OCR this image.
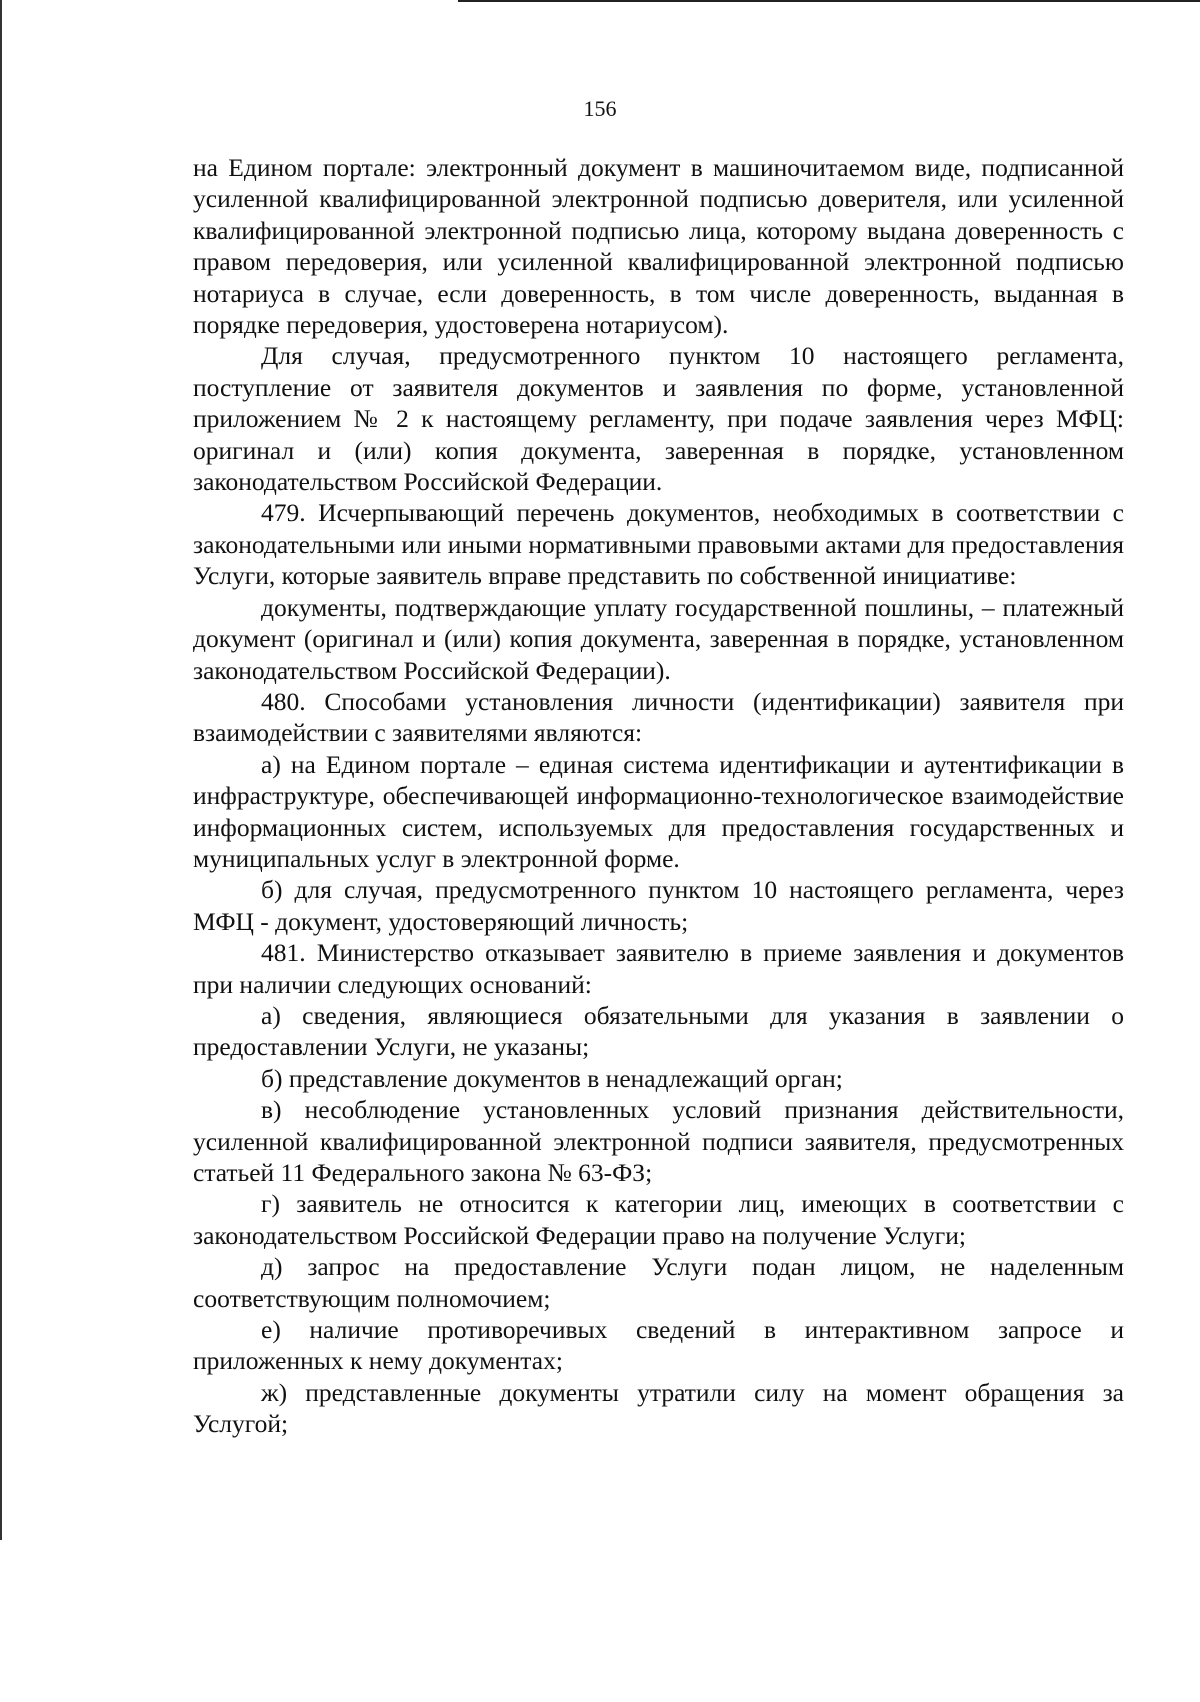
156

на Едином портале: электронный документ в машиночитаемом виде, подписанной усиленной квалифицированной электронной подписью доверителя, или усиленной квалифицированной электронной подписью лица, которому выдана доверенность с правом передоверия, или усиленной квалифицированной электронной подписью нотариуса в случае, если доверенность, в том числе доверенность, выданная в порядке передоверия, удостоверена нотариусом).

Для случая, предусмотренного пунктом 10 настоящего регламента, поступление от заявителя документов и заявления по форме, установленной приложением № 2 к настоящему регламенту, при подаче заявления через МФЦ: оригинал и (или) копия документа, заверенная в порядке, установленном законодательством Российской Федерации.

479. Исчерпывающий перечень документов, необходимых в соответствии с законодательными или иными нормативными правовыми актами для предоставления Услуги, которые заявитель вправе представить по собственной инициативе:

документы, подтверждающие уплату государственной пошлины, – платежный документ (оригинал и (или) копия документа, заверенная в порядке, установленном законодательством Российской Федерации).

480. Способами установления личности (идентификации) заявителя при взаимодействии с заявителями являются:

а) на Едином портале – единая система идентификации и аутентификации в инфраструктуре, обеспечивающей информационно-технологическое взаимодействие информационных систем, используемых для предоставления государственных и муниципальных услуг в электронной форме.

б) для случая, предусмотренного пунктом 10 настоящего регламента, через МФЦ - документ, удостоверяющий личность;

481. Министерство отказывает заявителю в приеме заявления и документов при наличии следующих оснований:

а) сведения, являющиеся обязательными для указания в заявлении о предоставлении Услуги, не указаны;

б) представление документов в ненадлежащий орган;

в) несоблюдение установленных условий признания действительности, усиленной квалифицированной электронной подписи заявителя, предусмотренных статьей 11 Федерального закона № 63-ФЗ;

г) заявитель не относится к категории лиц, имеющих в соответствии с законодательством Российской Федерации право на получение Услуги;

д) запрос на предоставление Услуги подан лицом, не наделенным соответствующим полномочием;

е) наличие противоречивых сведений в интерактивном запросе и приложенных к нему документах;

ж) представленные документы утратили силу на момент обращения за Услугой;
